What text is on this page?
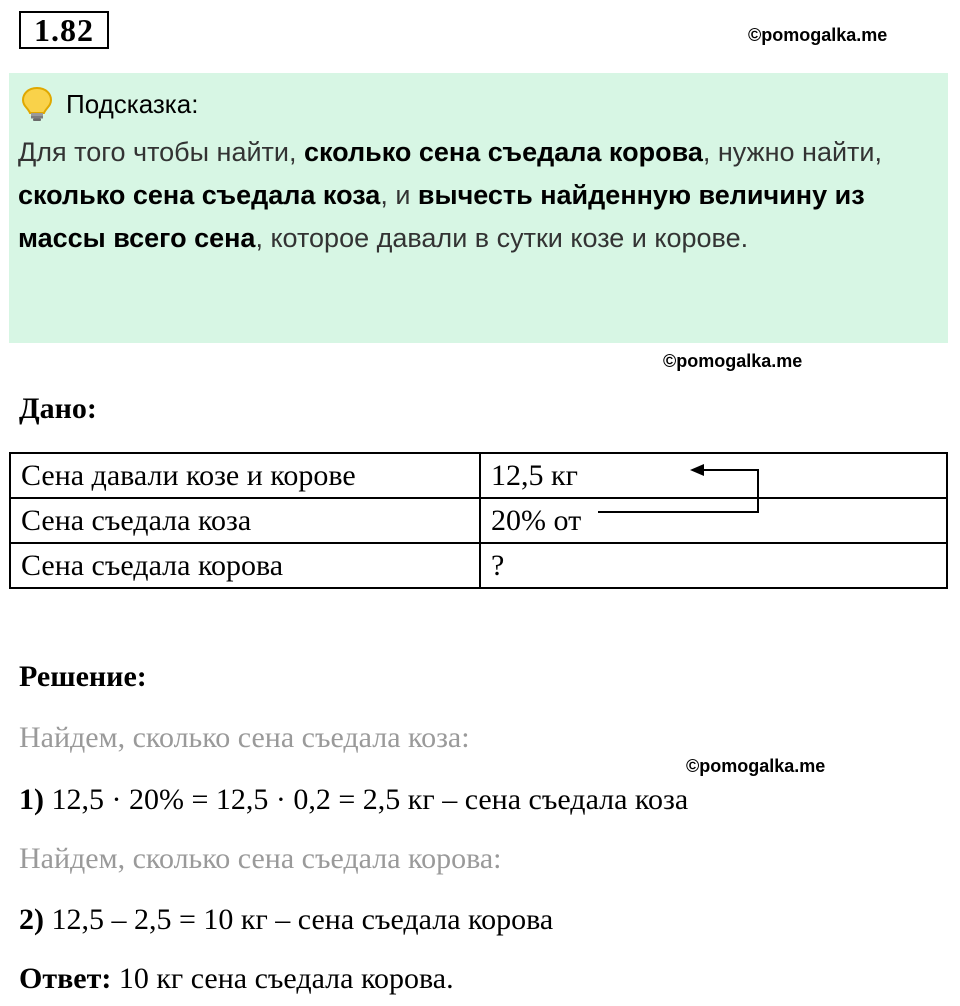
1.82	©pomogalka.me
Подсказка:
Для того чтобы найти, сколько сена съедала корова, нужно найти, сколько сена съедала коза, и вычесть найденную величину из массы всего сена, которое давали в сутки козе и корове.
©pomogalka.me
Дано:
Сена давали козе и корове	12,5 кг
Сена съедала коза	20% от
Сена съедала корова	?
Решение:
Найдем, сколько сена съедала коза:
©pomogalka.me
1) 12,5 · 20% = 12,5 · 0,2 = 2,5 кг – сена съедала коза
Найдем, сколько сена съедала корова:
2) 12,5 – 2,5 = 10 кг – сена съедала корова
Ответ: 10 кг сена съедала корова.
